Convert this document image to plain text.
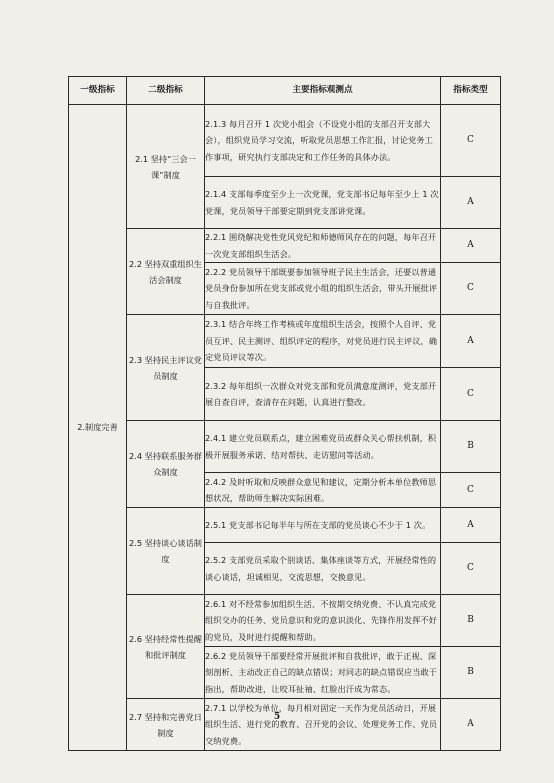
一级指标	二级指标	主要指标观测点	指标类型
2.制度完善	2.1 坚持“三会一课”制度	2.1.3 每月召开 1 次党小组会（不设党小组的支部召开支部大会），组织党员学习交流，听取党员思想工作汇报，讨论党务工作事项，研究执行支部决定和工作任务的具体办法。	C
		2.1.4 支部每季度至少上一次党课，党支部书记每年至少上 1 次党课，党员领导干部要定期到党支部讲党课。	A
	2.2 坚持双重组织生活会制度	2.2.1 围绕解决党性党风党纪和师德师风存在的问题，每年召开一次党支部组织生活会。	A
		2.2.2 党员领导干部既要参加领导班子民主生活会，还要以普通党员身份参加所在党支部或党小组的组织生活会，带头开展批评与自我批评。	C
	2.3 坚持民主评议党员制度	2.3.1 结合年终工作考核或年度组织生活会，按照个人自评、党员互评、民主测评、组织评定的程序，对党员进行民主评议，确定党员评议等次。	A
		2.3.2 每年组织一次群众对党支部和党员满意度测评，党支部开展自查自评，查清存在问题，认真进行整改。	C
	2.4 坚持联系服务群众制度	2.4.1 建立党员联系点，建立困难党员或群众关心帮扶机制，积极开展服务承诺、结对帮扶、走访慰问等活动。	B
		2.4.2 及时听取和反映群众意见和建议，定期分析本单位教师思想状况，帮助师生解决实际困难。	C
	2.5 坚持谈心谈话制度	2.5.1 党支部书记每半年与所在支部的党员谈心不少于 1 次。	A
		2.5.2 支部党员采取个别谈话、集体座谈等方式，开展经常性的谈心谈话，坦诚相见，交流思想，交换意见。	C
	2.6 坚持经常性提醒和批评制度	2.6.1 对不经常参加组织生活、不按期交纳党费、不认真完成党组织交办的任务、党员意识和党的意识淡化、先锋作用发挥不好的党员，及时进行提醒和帮助。	B
		2.6.2 党员领导干部要经常开展批评和自我批评，敢于正视、深刻剖析、主动改正自己的缺点错误；对同志的缺点错误应当敢于指出，帮助改进，让咬耳扯袖、红脸出汗成为常态。	B
	2.7 坚持和完善党日制度	2.7.1 以学校为单位，每月相对固定一天作为党员活动日，开展组织生活、进行党的教育、召开党的会议、处理党务工作、党员交纳党费。	A
5
